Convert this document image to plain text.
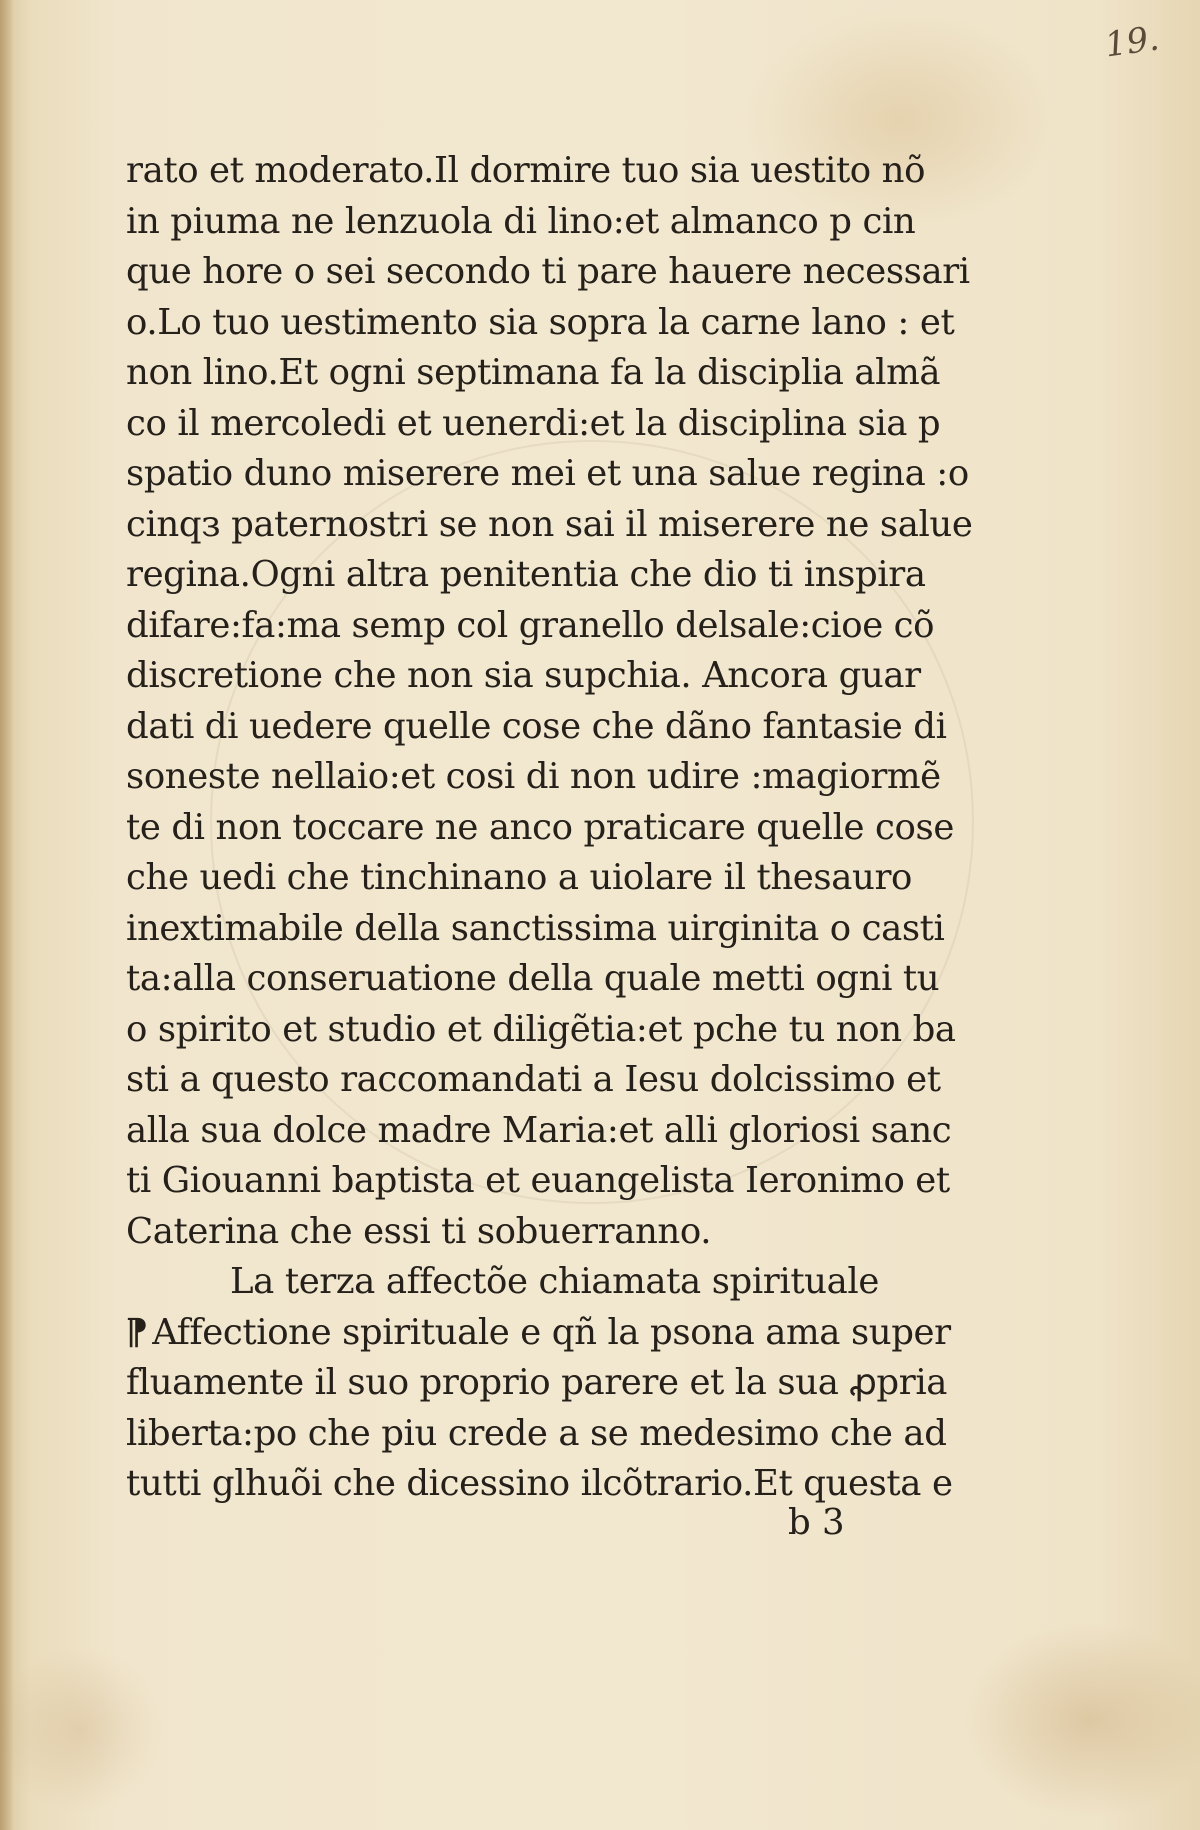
19.
rato et moderato.Il dormire tuo sia uestito nõ
in piuma ne lenzuola di lino:et almanco p cin
que hore o sei secondo ti pare hauere necessari
o.Lo tuo uestimento sia sopra la carne lano : et
non lino.Et ogni septimana fa la disciplia almã
co il mercoledi et uenerdi:et la disciplina sia p
spatio duno miserere mei et una salue regina :o
cinqз paternostri se non sai il miserere ne salue
regina.Ogni altra penitentia che dio ti inspira
difare:fa:ma semp col granello delsale:cioe cõ
discretione che non sia supchia. Ancora guar
dati di uedere quelle cose che dãno fantasie di
soneste nellaio:et cosi di non udire :magiormẽ
te di non toccare ne anco praticare quelle cose
che uedi che tinchinano a uiolare il thesauro
inextimabile della sanctissima uirginita o casti
ta:alla conseruatione della quale metti ogni tu
o spirito et studio et diligẽtia:et pche tu non ba
sti a questo raccomandati a Iesu dolcissimo et
alla sua dolce madre Maria:et alli gloriosi sanc
ti Giouanni baptista et euangelista Ieronimo et
Caterina che essi ti sobuerranno.
La terza affectõe chiamata spirituale
¶ Affectione spirituale e qñ la psona ama super
fluamente il suo proprio parere et la sua ꝓpria
liberta:po che piu crede a se medesimo che ad
tutti glhuõi che dicessino ilcõtrario.Et questa e
b 3
